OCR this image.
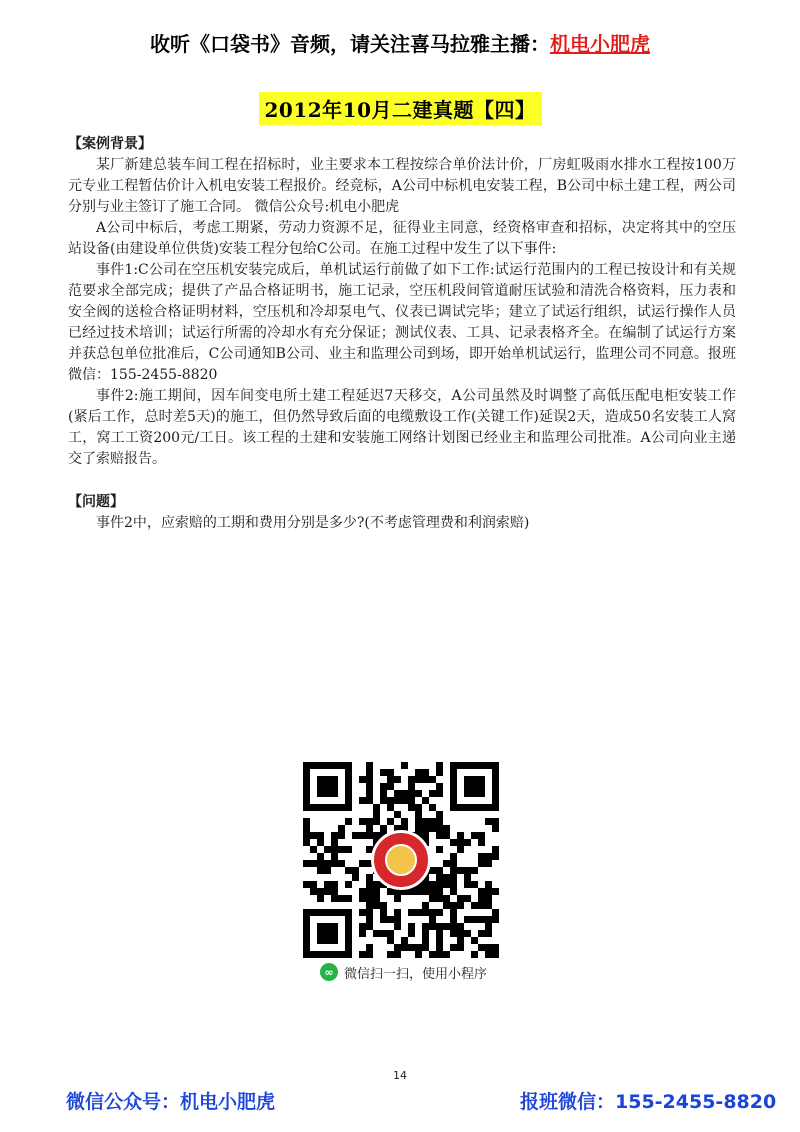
收听《口袋书》音频，请关注喜马拉雅主播：机电小肥虎
2012年10月二建真题【四】
【案例背景】

某厂新建总装车间工程在招标时，业主要求本工程按综合单价法计价，厂房虹吸雨水排水工程按100万元专业工程暂估价计入机电安装工程报价。经竞标，A公司中标机电安装工程，B公司中标土建工程，两公司分别与业主签订了施工合同。 微信公众号:机电小肥虎

A公司中标后，考虑工期紧，劳动力资源不足，征得业主同意，经资格审查和招标，决定将其中的空压站设备(由建设单位供货)安装工程分包给C公司。在施工过程中发生了以下事件:

事件1:C公司在空压机安装完成后，单机试运行前做了如下工作:试运行范围内的工程已按设计和有关规范要求全部完成；提供了产品合格证明书，施工记录，空压机段间管道耐压试验和清洗合格资料，压力表和安全阀的送检合格证明材料，空压机和冷却泵电气、仪表已调试完毕；建立了试运行组织，试运行操作人员已经过技术培训；试运行所需的冷却水有充分保证；测试仪表、工具、记录表格齐全。在编制了试运行方案并获总包单位批准后，C公司通知B公司、业主和监理公司到场，即开始单机试运行，监理公司不同意。报班微信：155-2455-8820

事件2:施工期间，因车间变电所土建工程延迟7天移交，A公司虽然及时调整了高低压配电柜安装工作(紧后工作，总时差5天)的施工，但仍然导致后面的电缆敷设工作(关键工作)延误2天，造成50名安装工人窝工，窝工工资200元/工日。该工程的土建和安装施工网络计划图已经业主和监理公司批准。A公司向业主递交了索赔报告。

【问题】

事件2中，应索赔的工期和费用分别是多少?(不考虑管理费和利润索赔)

∞ 微信扫一扫，使用小程序
14
微信公众号：机电小肥虎	报班微信：155-2455-8820
